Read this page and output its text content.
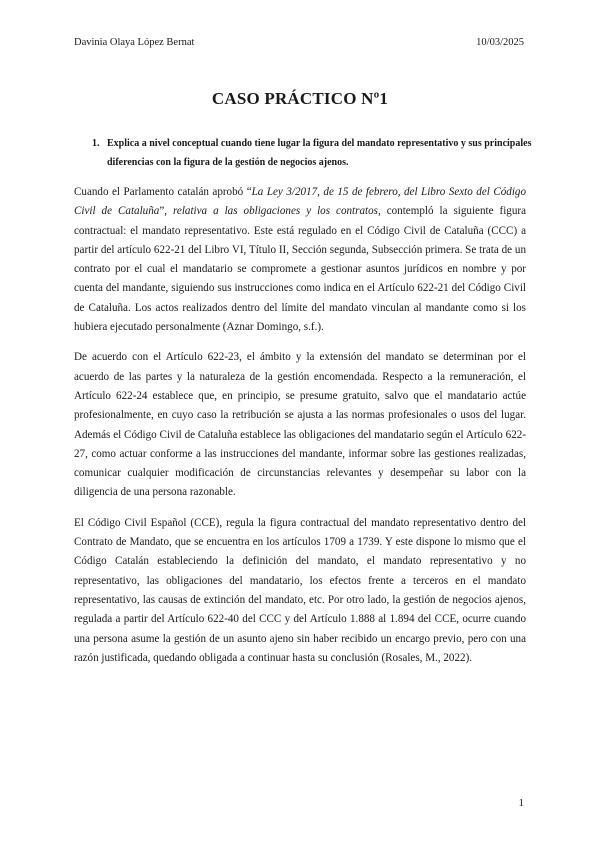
Davinia Olaya López Bernat	10/03/2025
CASO PRÁCTICO Nº1
1. Explica a nivel conceptual cuando tiene lugar la figura del mandato representativo y sus principales diferencias con la figura de la gestión de negocios ajenos.

Cuando el Parlamento catalán aprobó “La Ley 3/2017, de 15 de febrero, del Libro Sexto del Código Civil de Cataluña”, relativa a las obligaciones y los contratos, contempló la siguiente figura contractual: el mandato representativo. Este está regulado en el Código Civil de Cataluña (CCC) a partir del artículo 622-21 del Libro VI, Título II, Sección segunda, Subsección primera. Se trata de un contrato por el cual el mandatario se compromete a gestionar asuntos jurídicos en nombre y por cuenta del mandante, siguiendo sus instrucciones como indica en el Artículo 622-21 del Código Civil de Cataluña. Los actos realizados dentro del límite del mandato vinculan al mandante como si los hubiera ejecutado personalmente (Aznar Domingo, s.f.).

De acuerdo con el Artículo 622-23, el ámbito y la extensión del mandato se determinan por el acuerdo de las partes y la naturaleza de la gestión encomendada. Respecto a la remuneración, el Artículo 622-24 establece que, en principio, se presume gratuito, salvo que el mandatario actúe profesionalmente, en cuyo caso la retribución se ajusta a las normas profesionales o usos del lugar. Además el Código Civil de Cataluña establece las obligaciones del mandatario según el Artículo 622-27, como actuar conforme a las instrucciones del mandante, informar sobre las gestiones realizadas, comunicar cualquier modificación de circunstancias relevantes y desempeñar su labor con la diligencia de una persona razonable.

El Código Civil Español (CCE), regula la figura contractual del mandato representativo dentro del Contrato de Mandato, que se encuentra en los artículos 1709 a 1739. Y este dispone lo mismo que el Código Catalán estableciendo la definición del mandato, el mandato representativo y no representativo, las obligaciones del mandatario, los efectos frente a terceros en el mandato representativo, las causas de extinción del mandato, etc. Por otro lado, la gestión de negocios ajenos, regulada a partir del Artículo 622-40 del CCC y del Artículo 1.888 al 1.894 del CCE, ocurre cuando una persona asume la gestión de un asunto ajeno sin haber recibido un encargo previo, pero con una razón justificada, quedando obligada a continuar hasta su conclusión (Rosales, M., 2022).

1
